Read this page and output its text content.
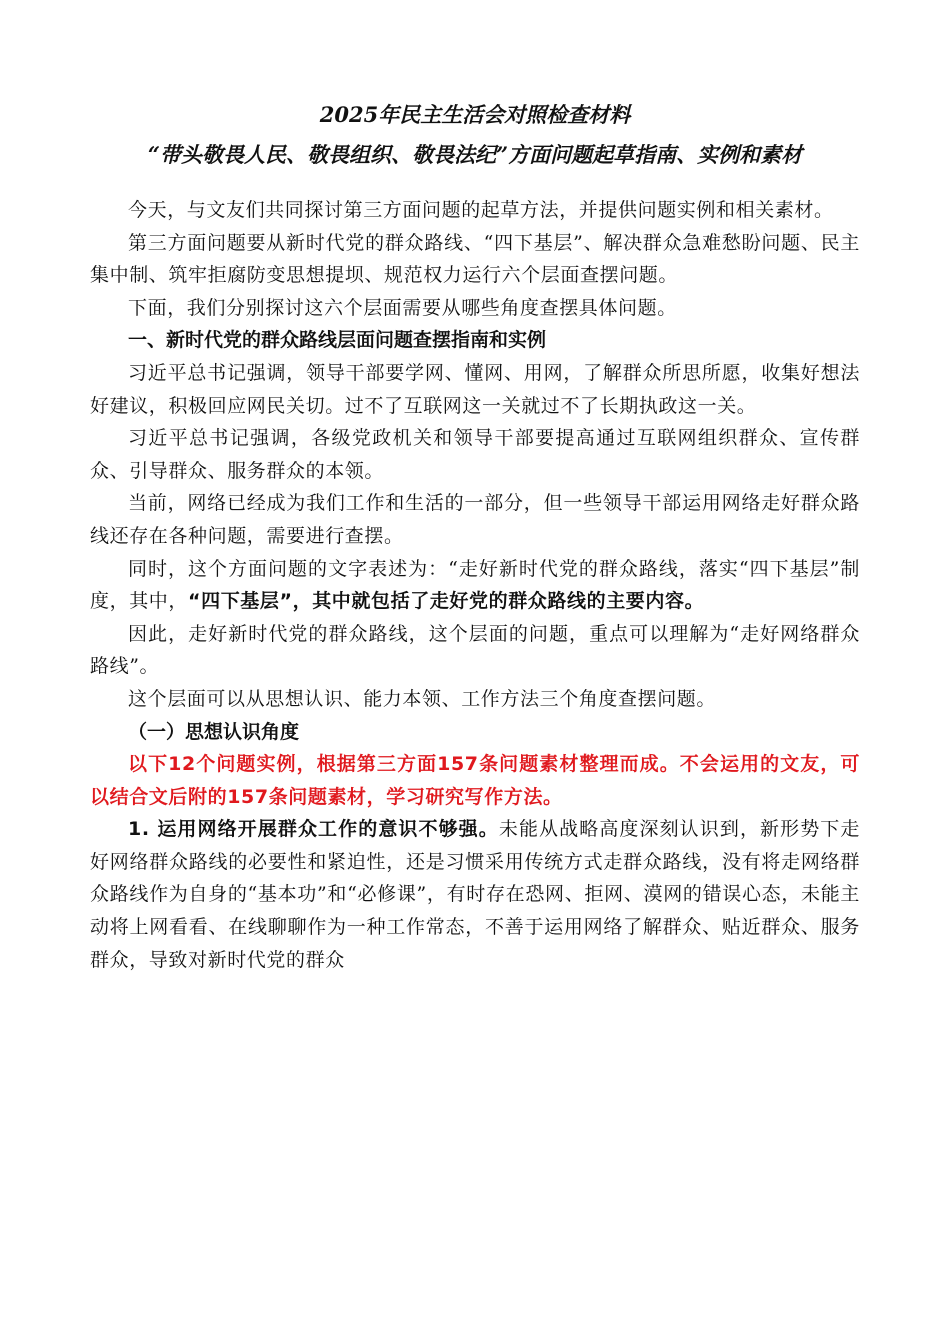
2025年民主生活会对照检查材料
“带头敬畏人民、敬畏组织、敬畏法纪”方面问题起草指南、实例和素材

今天，与文友们共同探讨第三方面问题的起草方法，并提供问题实例和相关素材。

第三方面问题要从新时代党的群众路线、“四下基层”、解决群众急难愁盼问题、民主集中制、筑牢拒腐防变思想提坝、规范权力运行六个层面查摆问题。

下面，我们分别探讨这六个层面需要从哪些角度查摆具体问题。

一、新时代党的群众路线层面问题查摆指南和实例

习近平总书记强调，领导干部要学网、懂网、用网，了解群众所思所愿，收集好想法好建议，积极回应网民关切。过不了互联网这一关就过不了长期执政这一关。

习近平总书记强调，各级党政机关和领导干部要提高通过互联网组织群众、宣传群众、引导群众、服务群众的本领。

当前，网络已经成为我们工作和生活的一部分，但一些领导干部运用网络走好群众路线还存在各种问题，需要进行查摆。

同时，这个方面问题的文字表述为：“走好新时代党的群众路线，落实“四下基层”制度，其中，“四下基层”，其中就包括了走好党的群众路线的主要内容。

因此，走好新时代党的群众路线，这个层面的问题，重点可以理解为“走好网络群众路线”。

这个层面可以从思想认识、能力本领、工作方法三个角度查摆问题。

（一）思想认识角度

以下12个问题实例，根据第三方面157条问题素材整理而成。不会运用的文友，可以结合文后附的157条问题素材，学习研究写作方法。

1. 运用网络开展群众工作的意识不够强。未能从战略高度深刻认识到，新形势下走好网络群众路线的必要性和紧迫性，还是习惯采用传统方式走群众路线，没有将走网络群众路线作为自身的“基本功”和“必修课”，有时存在恐网、拒网、漠网的错误心态，未能主动将上网看看、在线聊聊作为一种工作常态，不善于运用网络了解群众、贴近群众、服务群众，导致对新时代党的群众
